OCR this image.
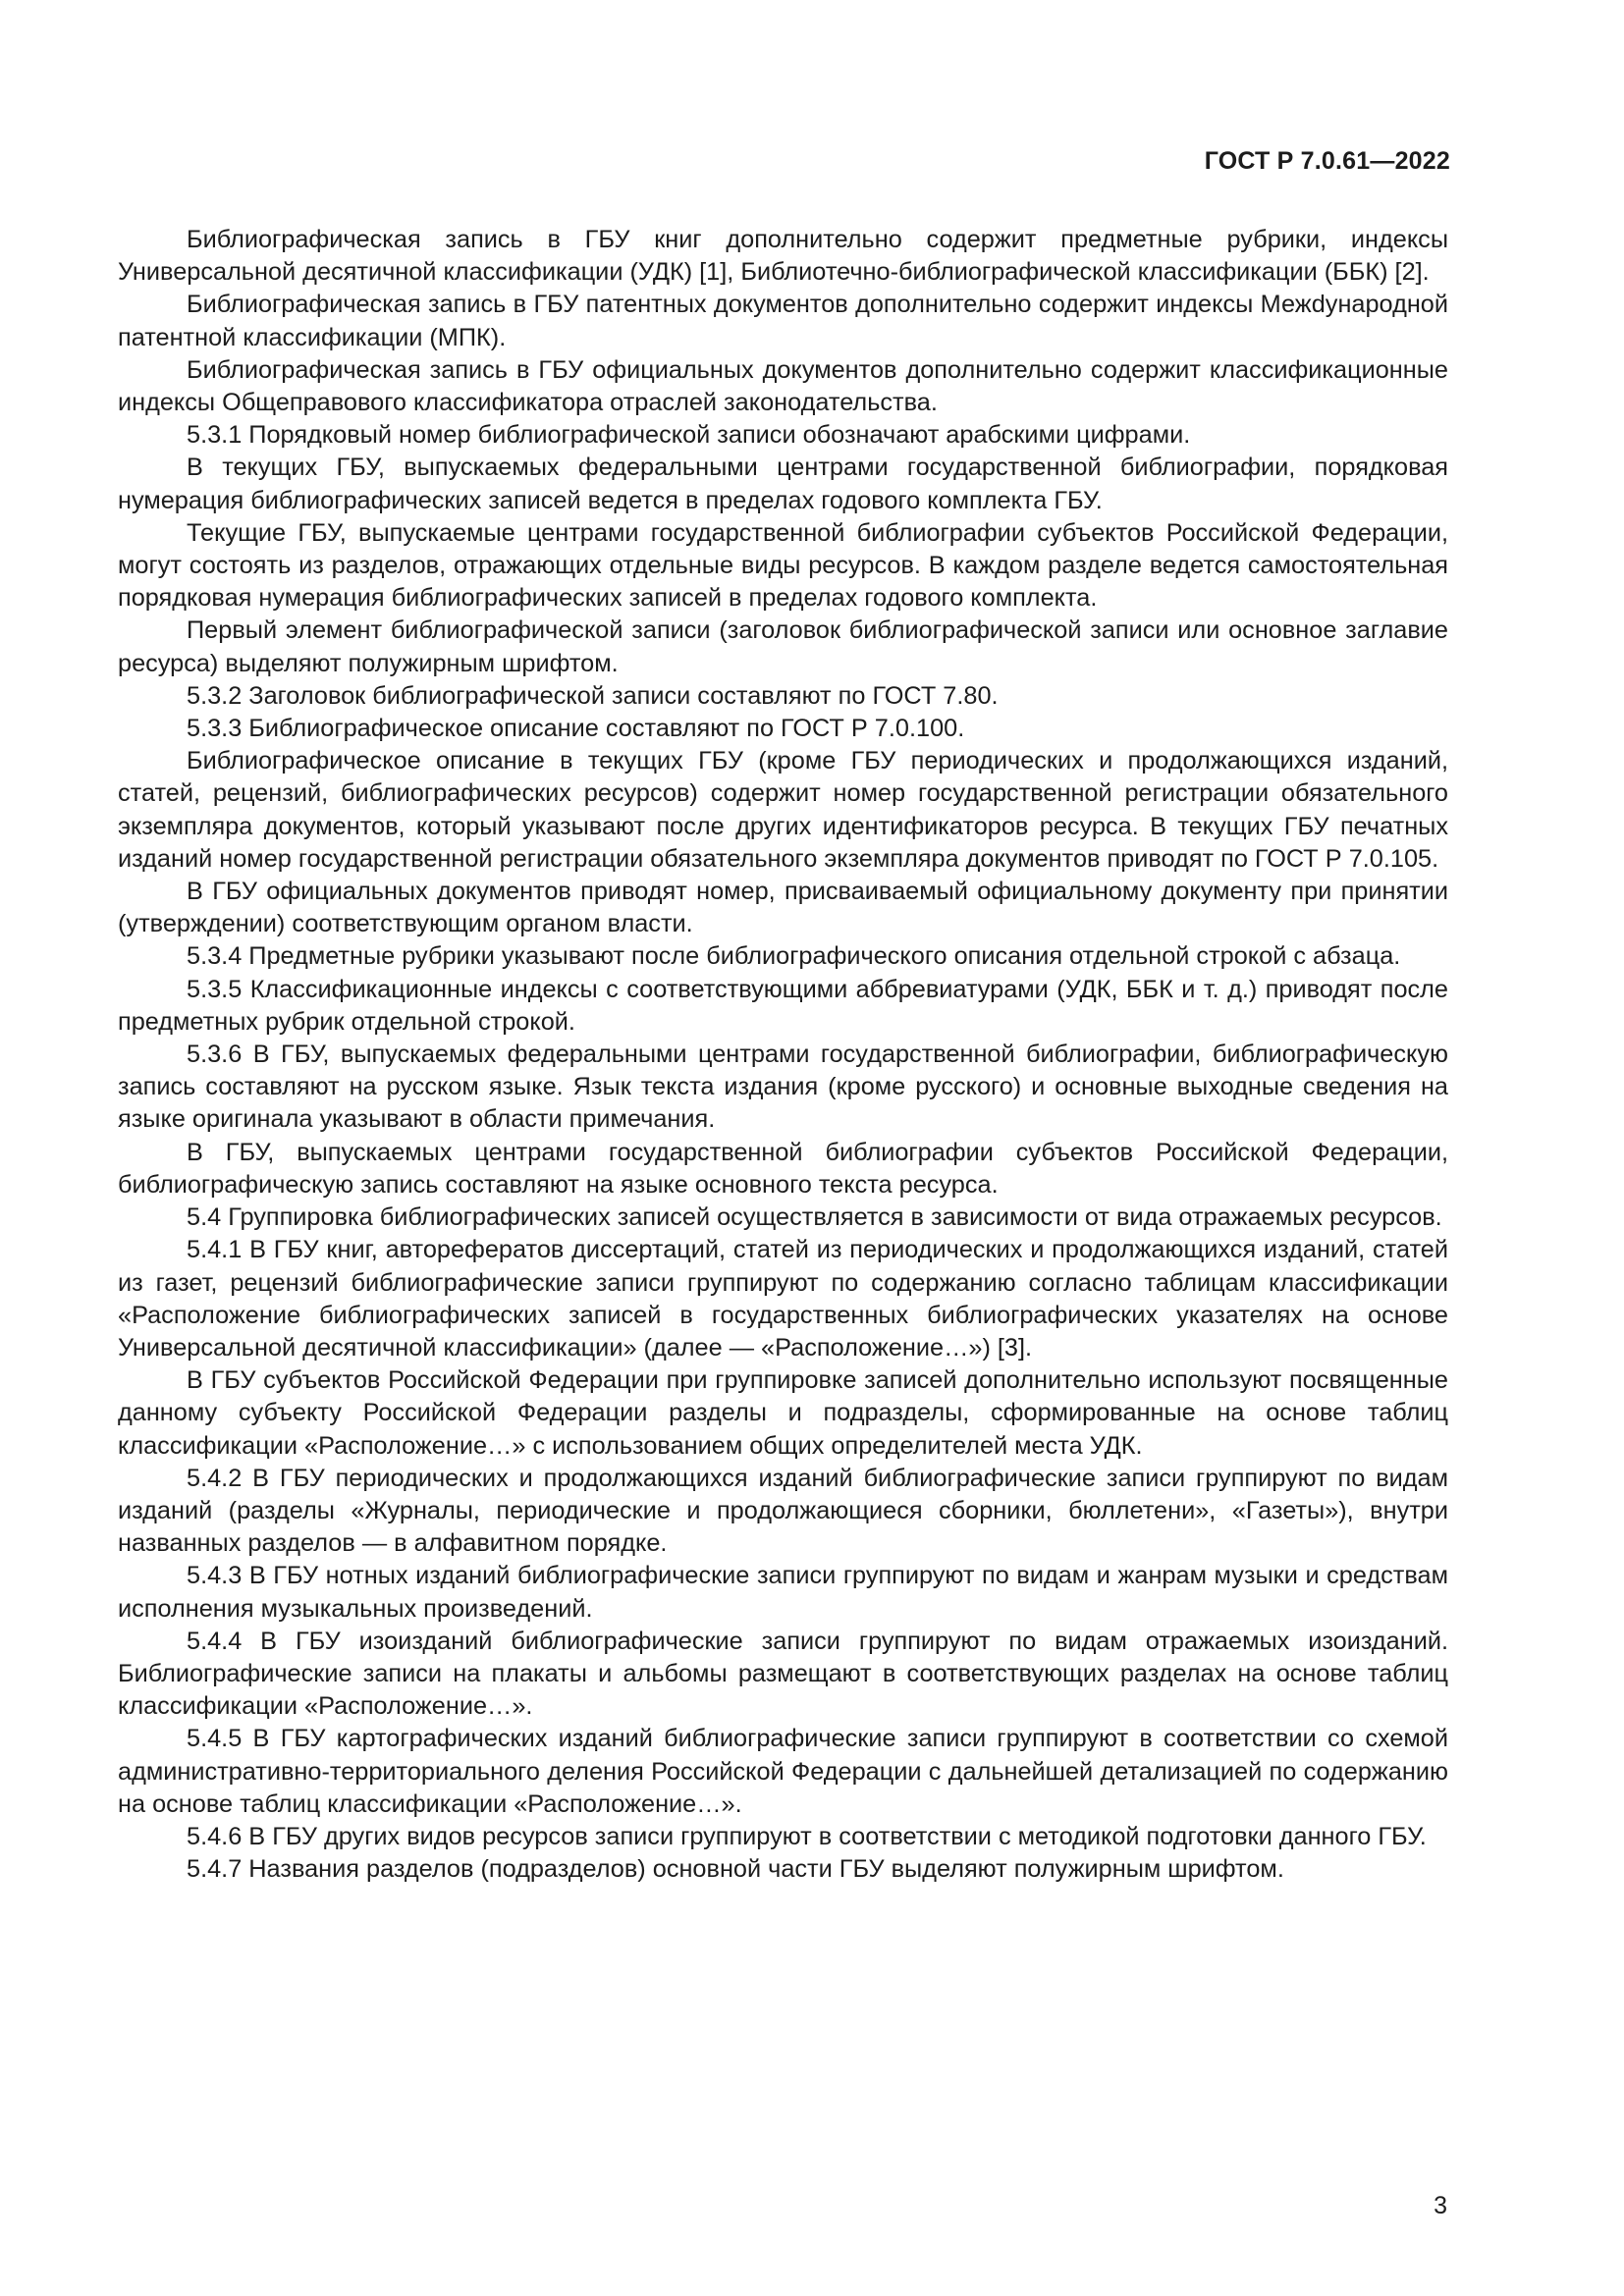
ГОСТ Р 7.0.61—2022

Библиографическая запись в ГБУ книг дополнительно содержит предметные рубрики, индексы Универсальной десятичной классификации (УДК) [1], Библиотечно-библиографической классификации (ББК) [2].

Библиографическая запись в ГБУ патентных документов дополнительно содержит индексы Межdународной патентной классификации (МПК).

Библиографическая запись в ГБУ официальных документов дополнительно содержит классификационные индексы Общеправового классификатора отраслей законодательства.

5.3.1 Порядковый номер библиографической записи обозначают арабскими цифрами.

В текущих ГБУ, выпускаемых федеральными центрами государственной библиографии, порядковая нумерация библиографических записей ведется в пределах годового комплекта ГБУ.

Текущие ГБУ, выпускаемые центрами государственной библиографии субъектов Российской Федерации, могут состоять из разделов, отражающих отдельные виды ресурсов. В каждом разделе ведется самостоятельная порядковая нумерация библиографических записей в пределах годового комплекта.

Первый элемент библиографической записи (заголовок библиографической записи или основное заглавие ресурса) выделяют полужирным шрифтом.

5.3.2 Заголовок библиографической записи составляют по ГОСТ 7.80.

5.3.3 Библиографическое описание составляют по ГОСТ Р 7.0.100.

Библиографическое описание в текущих ГБУ (кроме ГБУ периодических и продолжающихся изданий, статей, рецензий, библиографических ресурсов) содержит номер государственной регистрации обязательного экземпляра документов, который указывают после других идентификаторов ресурса. В текущих ГБУ печатных изданий номер государственной регистрации обязательного экземпляра документов приводят по ГОСТ Р 7.0.105.

В ГБУ официальных документов приводят номер, присваиваемый официальному документу при принятии (утверждении) соответствующим органом власти.

5.3.4 Предметные рубрики указывают после библиографического описания отдельной строкой с абзаца.

5.3.5 Классификационные индексы с соответствующими аббревиатурами (УДК, ББК и т. д.) приводят после предметных рубрик отдельной строкой.

5.3.6 В ГБУ, выпускаемых федеральными центрами государственной библиографии, библиографическую запись составляют на русском языке. Язык текста издания (кроме русского) и основные выходные сведения на языке оригинала указывают в области примечания.

В ГБУ, выпускаемых центрами государственной библиографии субъектов Российской Федерации, библиографическую запись составляют на языке основного текста ресурса.

5.4 Группировка библиографических записей осуществляется в зависимости от вида отражаемых ресурсов.

5.4.1 В ГБУ книг, авторефератов диссертаций, статей из периодических и продолжающихся изданий, статей из газет, рецензий библиографические записи группируют по содержанию согласно таблицам классификации «Расположение библиографических записей в государственных библиографических указателях на основе Универсальной десятичной классификации» (далее — «Расположение…») [3].

В ГБУ субъектов Российской Федерации при группировке записей дополнительно используют посвященные данному субъекту Российской Федерации разделы и подразделы, сформированные на основе таблиц классификации «Расположение…» с использованием общих определителей места УДК.

5.4.2 В ГБУ периодических и продолжающихся изданий библиографические записи группируют по видам изданий (разделы «Журналы, периодические и продолжающиеся сборники, бюллетени», «Газеты»), внутри названных разделов — в алфавитном порядке.

5.4.3 В ГБУ нотных изданий библиографические записи группируют по видам и жанрам музыки и средствам исполнения музыкальных произведений.

5.4.4 В ГБУ изоизданий библиографические записи группируют по видам отражаемых изоизданий. Библиографические записи на плакаты и альбомы размещают в соответствующих разделах на основе таблиц классификации «Расположение…».

5.4.5 В ГБУ картографических изданий библиографические записи группируют в соответствии со схемой административно-территориального деления Российской Федерации с дальнейшей детализацией по содержанию на основе таблиц классификации «Расположение…».

5.4.6 В ГБУ других видов ресурсов записи группируют в соответствии с методикой подготовки данного ГБУ.

5.4.7 Названия разделов (подразделов) основной части ГБУ выделяют полужирным шрифтом.

3
